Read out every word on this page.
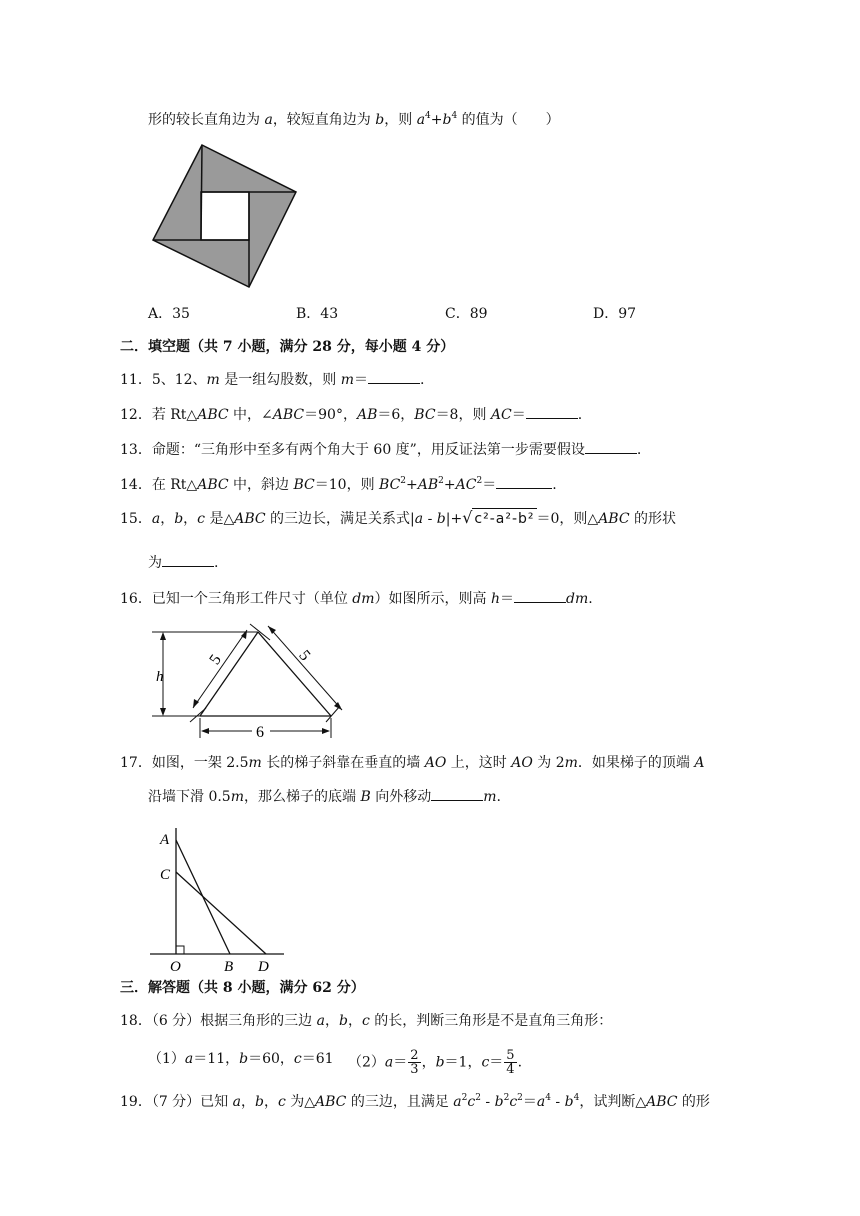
形的较长直角边为 a，较短直角边为 b，则 $a^4+b^4$ 的值为（　　）
A．35	B．43	C．89	D．97
二．填空题（共 7 小题，满分 28 分，每小题 4 分）
11．5、12、m 是一组勾股数，则 m＝	.
12．若 Rt△ABC 中，∠ABC＝90°，AB＝6，BC＝8，则 AC＝	.
13．命题：“三角形中至多有两个角大于 60 度”，用反证法第一步需要假设	.
14．在 Rt△ABC 中，斜边 BC＝10，则 $BC^2+AB^2+AC^2=$	.
15．a，b，c 是△ABC 的三边长，满足关系式|a - b|+√ c²-a²-b² ＝0，则△ABC 的形状
为	.
16．已知一个三角形工件尺寸（单位 dm）如图所示，则高 h＝	dm.
h
5	5
6
17．如图，一架 2.5m 长的梯子斜靠在垂直的墙 AO 上，这时 AO 为 2m．如果梯子的顶端 A
沿墙下滑 0.5m，那么梯子的底端 B 向外移动	m.
A
C
O	B D
三．解答题（共 8 小题，满分 62 分）
18．（6 分）根据三角形的三边 a，b，c 的长，判断三角形是不是直角三角形：
（1）a＝11，b＝60，c＝61 $(2)a= \frac{2}{3}$ ，b＝1，$c= \frac{5}{4}$ .
19．（7 分）已知 a，b，c 为△ABC 的三边，且满足 $a^2c^2 - b^2c^2=a^4 - b^4$，试判断△ABC 的形
